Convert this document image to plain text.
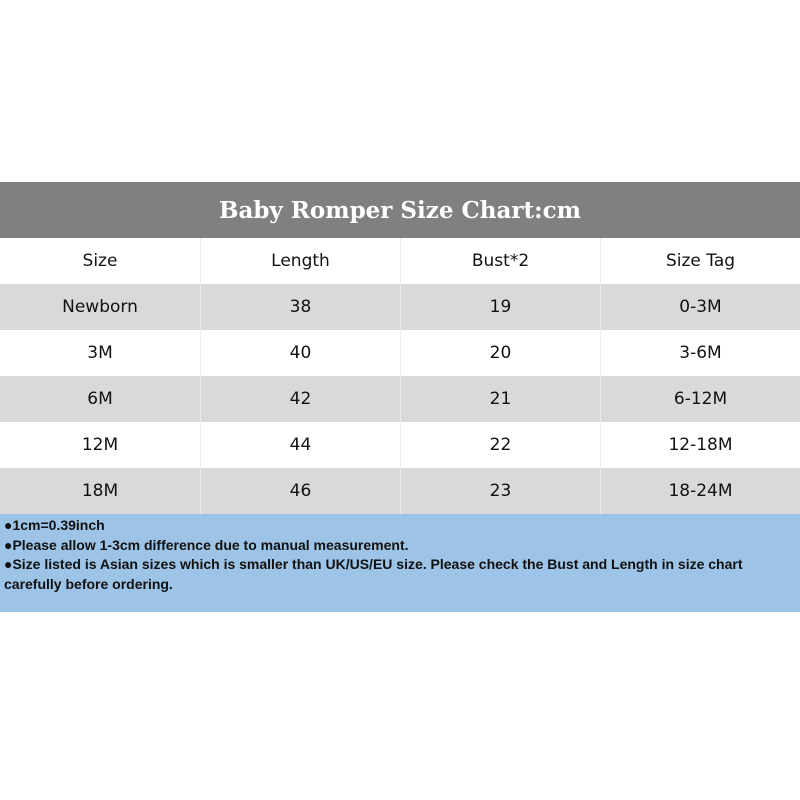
Baby Romper Size Chart:cm
Size	Length	Bust*2	Size Tag
Newborn	38	19	0-3M
3M	40	20	3-6M
6M	42	21	6-12M
12M	44	22	12-18M
18M	46	23	18-24M

●1cm=0.39inch

●Please allow 1-3cm difference due to manual measurement.

●Size listed is Asian sizes which is smaller than UK/US/EU size. Please check the Bust and Length in size chart carefully before ordering.
